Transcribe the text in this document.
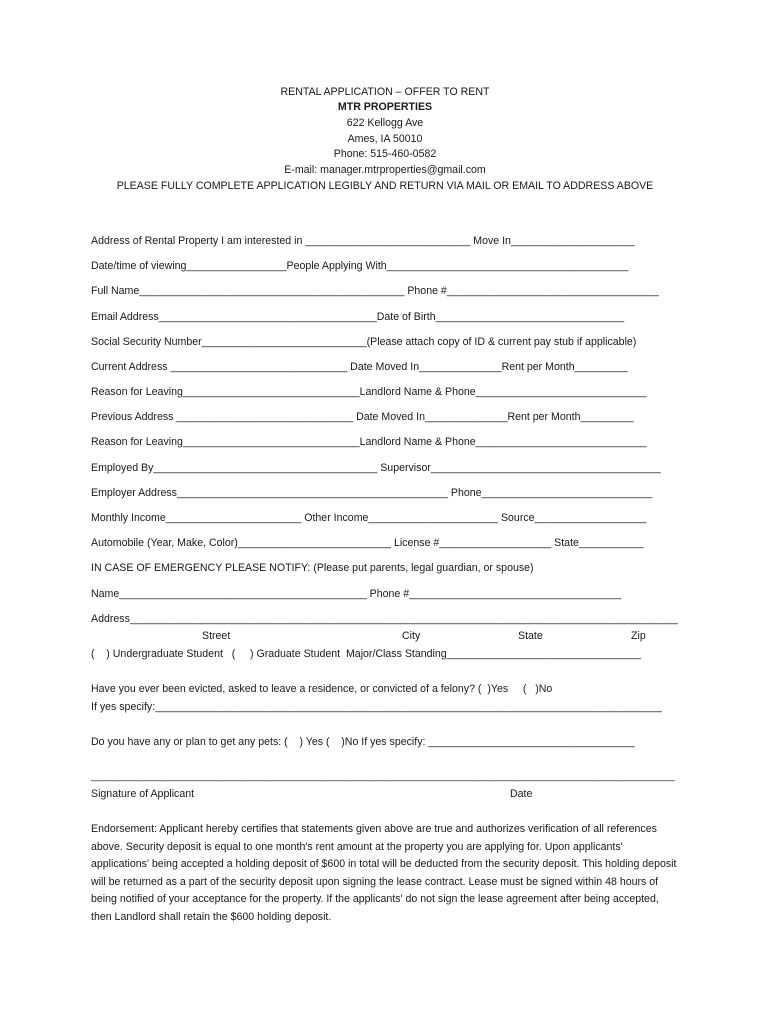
RENTAL APPLICATION – OFFER TO RENT
MTR PROPERTIES
622 Kellogg Ave
Ames, IA 50010
Phone: 515-460-0582
E-mail: manager.mtrproperties@gmail.com
PLEASE FULLY COMPLETE APPLICATION LEGIBLY AND RETURN VIA MAIL OR EMAIL TO ADDRESS ABOVE
Address of Rental Property I am interested in ____________________________ Move In_____________________
Date/time of viewing_________________People Applying With_________________________________________
Full Name_____________________________________________ Phone #____________________________________
Email Address_____________________________________Date of Birth________________________________
Social Security Number____________________________(Please attach copy of ID & current pay stub if applicable)
Current Address ______________________________ Date Moved In______________Rent per Month_________
Reason for Leaving______________________________Landlord Name & Phone_____________________________
Previous Address ______________________________ Date Moved In______________Rent per Month_________
Reason for Leaving______________________________Landlord Name & Phone_____________________________
Employed By______________________________________ Supervisor_______________________________________
Employer Address______________________________________________ Phone_____________________________
Monthly Income_______________________ Other Income______________________ Source___________________
Automobile (Year, Make, Color)__________________________ License #___________________ State___________
IN CASE OF EMERGENCY PLEASE NOTIFY: (Please put parents, legal guardian, or spouse)
Name__________________________________________ Phone #____________________________________
Address_____________________________________________________________________________________________
Street	City	State	Zip
(    ) Undergraduate Student   (     ) Graduate Student  Major/Class Standing_________________________________
Have you ever been evicted, asked to leave a residence, or convicted of a felony? (  )Yes     (   )No
If yes specify:______________________________________________________________________________________
Do you have any or plan to get any pets: (    ) Yes (    )No If yes specify: ___________________________________
_____________________________________________________________________________________________________
Signature of Applicant	Date
Endorsement: Applicant hereby certifies that statements given above are true and authorizes verification of all references above. Security deposit is equal to one month's rent amount at the property you are applying for. Upon applicants' applications' being accepted a holding deposit of $600 in total will be deducted from the security deposit. This holding deposit will be returned as a part of the security deposit upon signing the lease contract. Lease must be signed within 48 hours of being notified of your acceptance for the property. If the applicants' do not sign the lease agreement after being accepted, then Landlord shall retain the $600 holding deposit.
